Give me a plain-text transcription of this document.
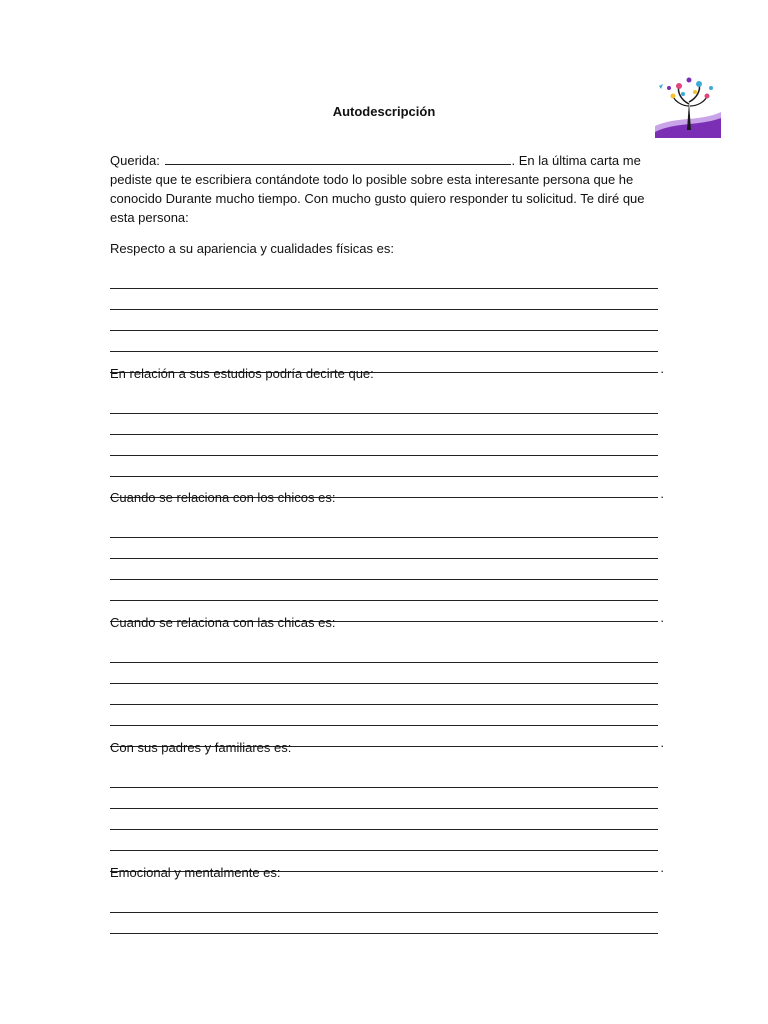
Autodescripción
Querida:	. En la última carta me pediste que te escribiera contándote todo lo posible sobre esta interesante persona que he conocido Durante mucho tiempo. Con mucho gusto quiero responder tu solicitud. Te diré que esta persona:
Respecto a su apariencia y cualidades físicas es:
.
En relación a sus estudios podría decirte que:
.
Cuando se relaciona con los chicos es:
.
Cuando se relaciona con las chicas es:
.
Con sus padres y familiares es:
.
Emocional y mentalmente es:
